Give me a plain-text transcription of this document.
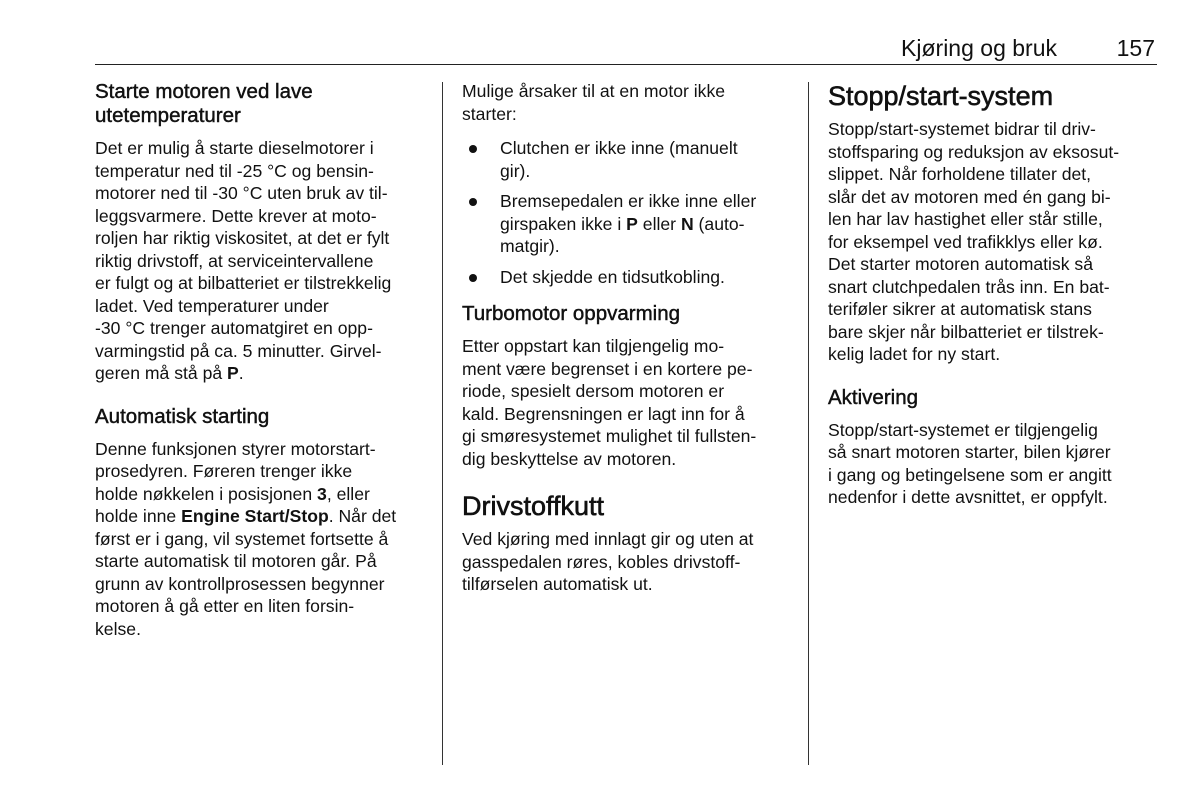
Kjøring og bruk	157
Starte motoren ved lave
utetemperaturer

Det er mulig å starte dieselmotorer i
temperatur ned til -25 °C og bensin-
motorer ned til -30 °C uten bruk av til-
leggsvarmere. Dette krever at moto-
roljen har riktig viskositet, at det er fylt
riktig drivstoff, at serviceintervallene
er fulgt og at bilbatteriet er tilstrekkelig
ladet. Ved temperaturer under
-30 °C trenger automatgiret en opp-
varmingstid på ca. 5 minutter. Girvel-
geren må stå på P.

Automatisk starting

Denne funksjonen styrer motorstart-
prosedyren. Føreren trenger ikke
holde nøkkelen i posisjonen 3, eller
holde inne Engine Start/Stop. Når det
først er i gang, vil systemet fortsette å
starte automatisk til motoren går. På
grunn av kontrollprosessen begynner
motoren å gå etter en liten forsin-
kelse.

Mulige årsaker til at en motor ikke
starter:

Clutchen er ikke inne (manuelt
gir).
Bremsepedalen er ikke inne eller
girspaken ikke i P eller N (auto-
matgir).
Det skjedde en tidsutkobling.
Turbomotor oppvarming

Etter oppstart kan tilgjengelig mo-
ment være begrenset i en kortere pe-
riode, spesielt dersom motoren er
kald. Begrensningen er lagt inn for å
gi smøresystemet mulighet til fullsten-
dig beskyttelse av motoren.

Drivstoffkutt

Ved kjøring med innlagt gir og uten at
gasspedalen røres, kobles drivstoff-
tilførselen automatisk ut.

Stopp/start-system

Stopp/start-systemet bidrar til driv-
stoffsparing og reduksjon av eksosut-
slippet. Når forholdene tillater det,
slår det av motoren med én gang bi-
len har lav hastighet eller står stille,
for eksempel ved trafikklys eller kø.
Det starter motoren automatisk så
snart clutchpedalen trås inn. En bat-
teriføler sikrer at automatisk stans
bare skjer når bilbatteriet er tilstrek-
kelig ladet for ny start.

Aktivering

Stopp/start-systemet er tilgjengelig
så snart motoren starter, bilen kjører
i gang og betingelsene som er angitt
nedenfor i dette avsnittet, er oppfylt.
